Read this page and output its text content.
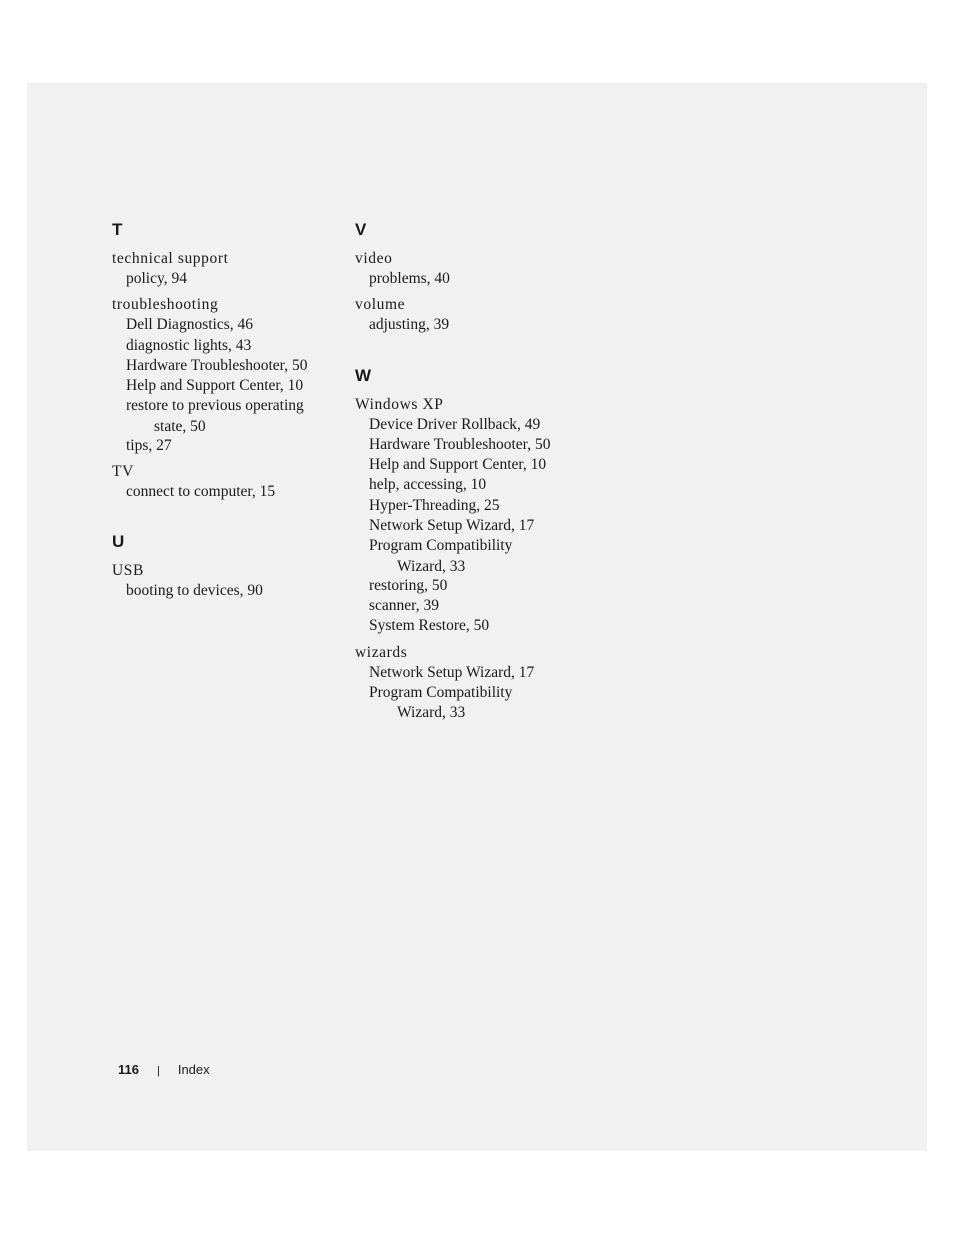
T
technical support
policy, 94
troubleshooting
Dell Diagnostics, 46
diagnostic lights, 43
Hardware Troubleshooter, 50
Help and Support Center, 10
restore to previous operating
state, 50
tips, 27
TV
connect to computer, 15
U
USB
booting to devices, 90
V
video
problems, 40
volume
adjusting, 39
W
Windows XP
Device Driver Rollback, 49
Hardware Troubleshooter, 50
Help and Support Center, 10
help, accessing, 10
Hyper-Threading, 25
Network Setup Wizard, 17
Program Compatibility
Wizard, 33
restoring, 50
scanner, 39
System Restore, 50
wizards
Network Setup Wizard, 17
Program Compatibility
Wizard, 33
116 | Index
